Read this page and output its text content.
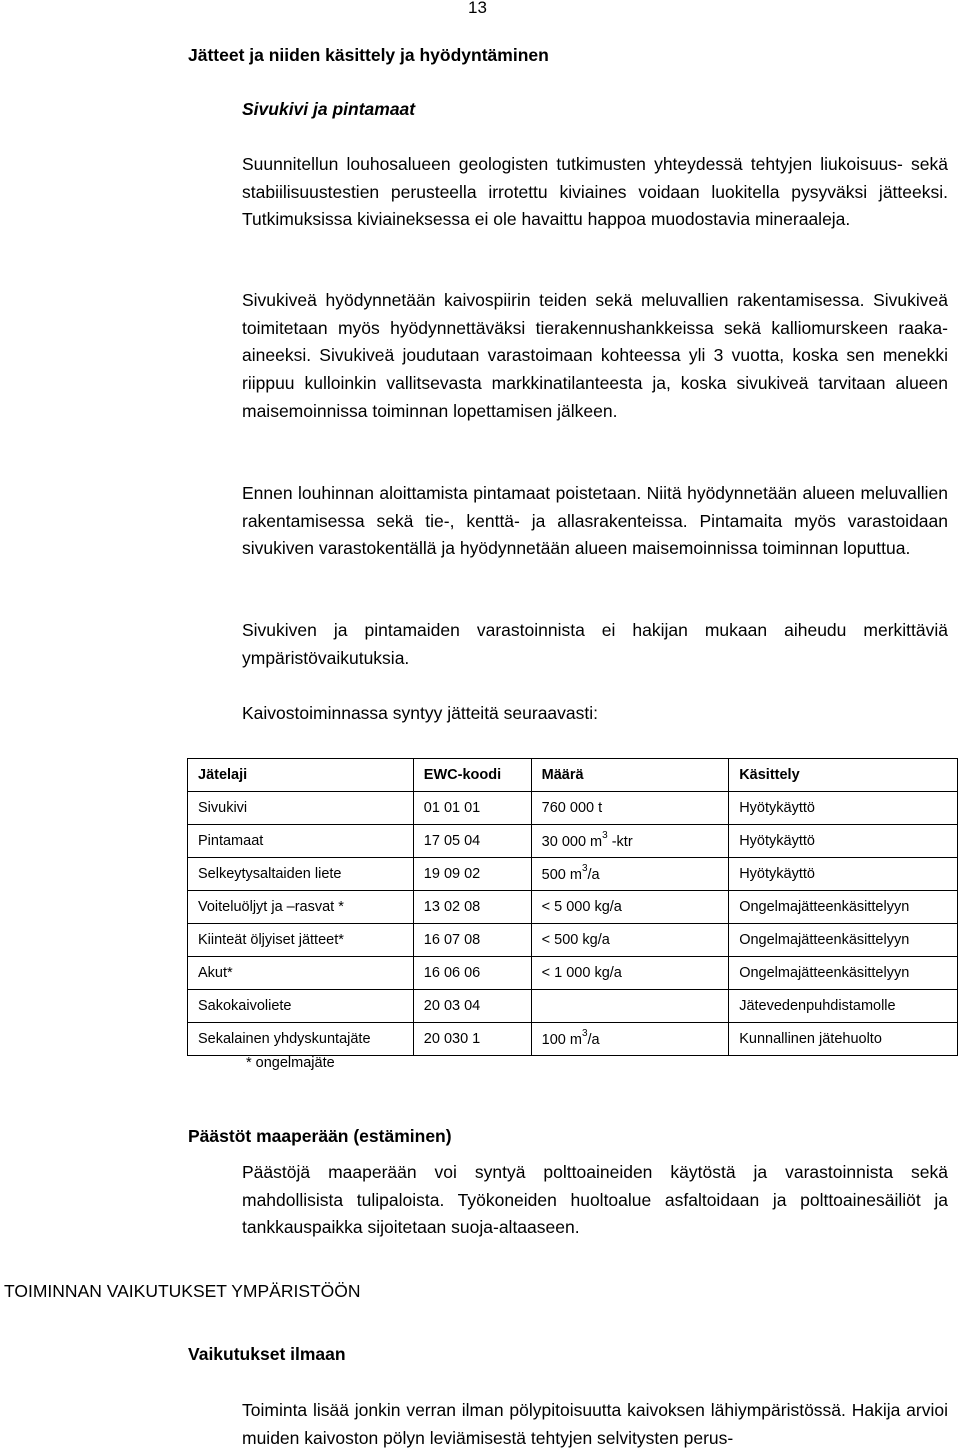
13
Jätteet ja niiden käsittely ja hyödyntäminen
Sivukivi ja pintamaat

Suunnitellun louhosalueen geologisten tutkimusten yhteydessä tehtyjen liukoisuus- sekä stabiilisuustestien perusteella irrotettu kiviaines voidaan luokitella pysyväksi jätteeksi. Tutkimuksissa kiviaineksessa ei ole havaittu happoa muodostavia mineraaleja.

Sivukiveä hyödynnetään kaivospiirin teiden sekä meluvallien rakentamisessa. Sivukiveä toimitetaan myös hyödynnettäväksi tierakennushankkeissa sekä kalliomurskeen raaka-aineeksi. Sivukiveä joudutaan varastoimaan kohteessa yli 3 vuotta, koska sen menekki riippuu kulloinkin vallitsevasta markkinatilanteesta ja, koska sivukiveä tarvitaan alueen maisemoinnissa toiminnan lopettamisen jälkeen.

Ennen louhinnan aloittamista pintamaat poistetaan. Niitä hyödynnetään alueen meluvallien rakentamisessa sekä tie-, kenttä- ja allasrakenteissa. Pintamaita myös varastoidaan sivukiven varastokentällä ja hyödynnetään alueen maisemoinnissa toiminnan loputtua.

Sivukiven ja pintamaiden varastoinnista ei hakijan mukaan aiheudu merkittäviä ympäristövaikutuksia.

Kaivostoiminnassa syntyy jätteitä seuraavasti:

Jätelaji	EWC-koodi	Määrä	Käsittely
Sivukivi	01 01 01	760 000 t	Hyötykäyttö
Pintamaat	17 05 04	30 000 $m^3$ -ktr	Hyötykäyttö
Selkeytysaltaiden liete	19 09 02	500 $m^3/a$	Hyötykäyttö
Voiteluöljyt ja –rasvat *	13 02 08	< 5 000 kg/a	Ongelmajätteenkäsittelyyn
Kiinteät öljyiset jätteet*	16 07 08	< 500 kg/a	Ongelmajätteenkäsittelyyn
Akut*	16 06 06	< 1 000 kg/a	Ongelmajätteenkäsittelyyn
Sakokaivoliete	20 03 04		Jätevedenpuhdistamolle
Sekalainen yhdyskuntajäte	20 030 1	100 $m^3/a$	Kunnallinen jätehuolto
* ongelmajäte
Päästöt maaperään (estäminen)

Päästöjä maaperään voi syntyä polttoaineiden käytöstä ja varastoinnista sekä mahdollisista tulipaloista. Työkoneiden huoltoalue asfaltoidaan ja polttoainesäiliöt ja tankkauspaikka sijoitetaan suoja-altaaseen.

TOIMINNAN VAIKUTUKSET YMPÄRISTÖÖN
Vaikutukset ilmaan

Toiminta lisää jonkin verran ilman pölypitoisuutta kaivoksen lähiympäristössä. Hakija arvioi muiden kaivoston pölyn leviämisestä tehtyjen selvitysten perus-
